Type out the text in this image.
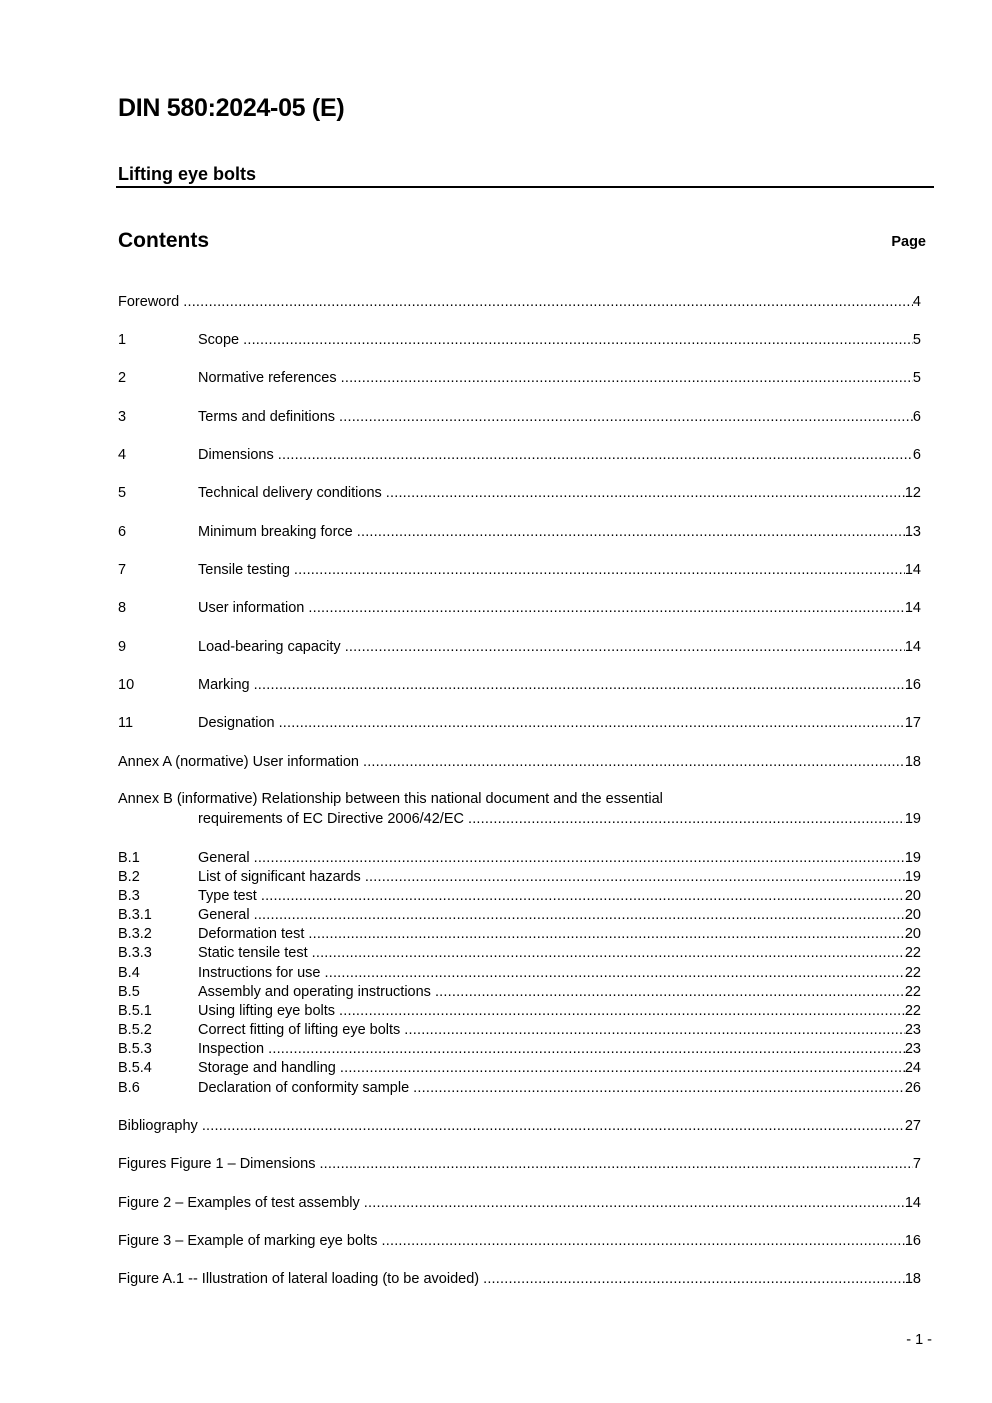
DIN 580:2024-05 (E)
Lifting eye bolts
Contents	Page
Foreword .....	4
1	Scope .....	5
2	Normative references .....	5
3	Terms and definitions .....	6
4	Dimensions .....	6
5	Technical delivery conditions .....	12
6	Minimum breaking force .....	13
7	Tensile testing .....	14
8	User information .....	14
9	Load-bearing capacity .....	14
10	Marking .....	16
11	Designation .....	17
Annex A (normative) User information .....	18
Annex B (informative) Relationship between this national document and the essential
requirements of EC Directive 2006/42/EC .....	19
B.1	General .....	19
B.2	List of significant hazards .....	19
B.3	Type test .....	20
B.3.1	General .....	20
B.3.2	Deformation test .....	20
B.3.3	Static tensile test .....	22
B.4	Instructions for use .....	22
B.5	Assembly and operating instructions .....	22
B.5.1	Using lifting eye bolts .....	22
B.5.2	Correct fitting of lifting eye bolts .....	23
B.5.3	Inspection .....	23
B.5.4	Storage and handling .....	24
B.6	Declaration of conformity sample .....	26
Bibliography .....	27
Figures Figure 1 – Dimensions .....	7
Figure 2 – Examples of test assembly .....	14
Figure 3 – Example of marking eye bolts .....	16
Figure A.1 -- Illustration of lateral loading (to be avoided) .....	18
- 1 -
